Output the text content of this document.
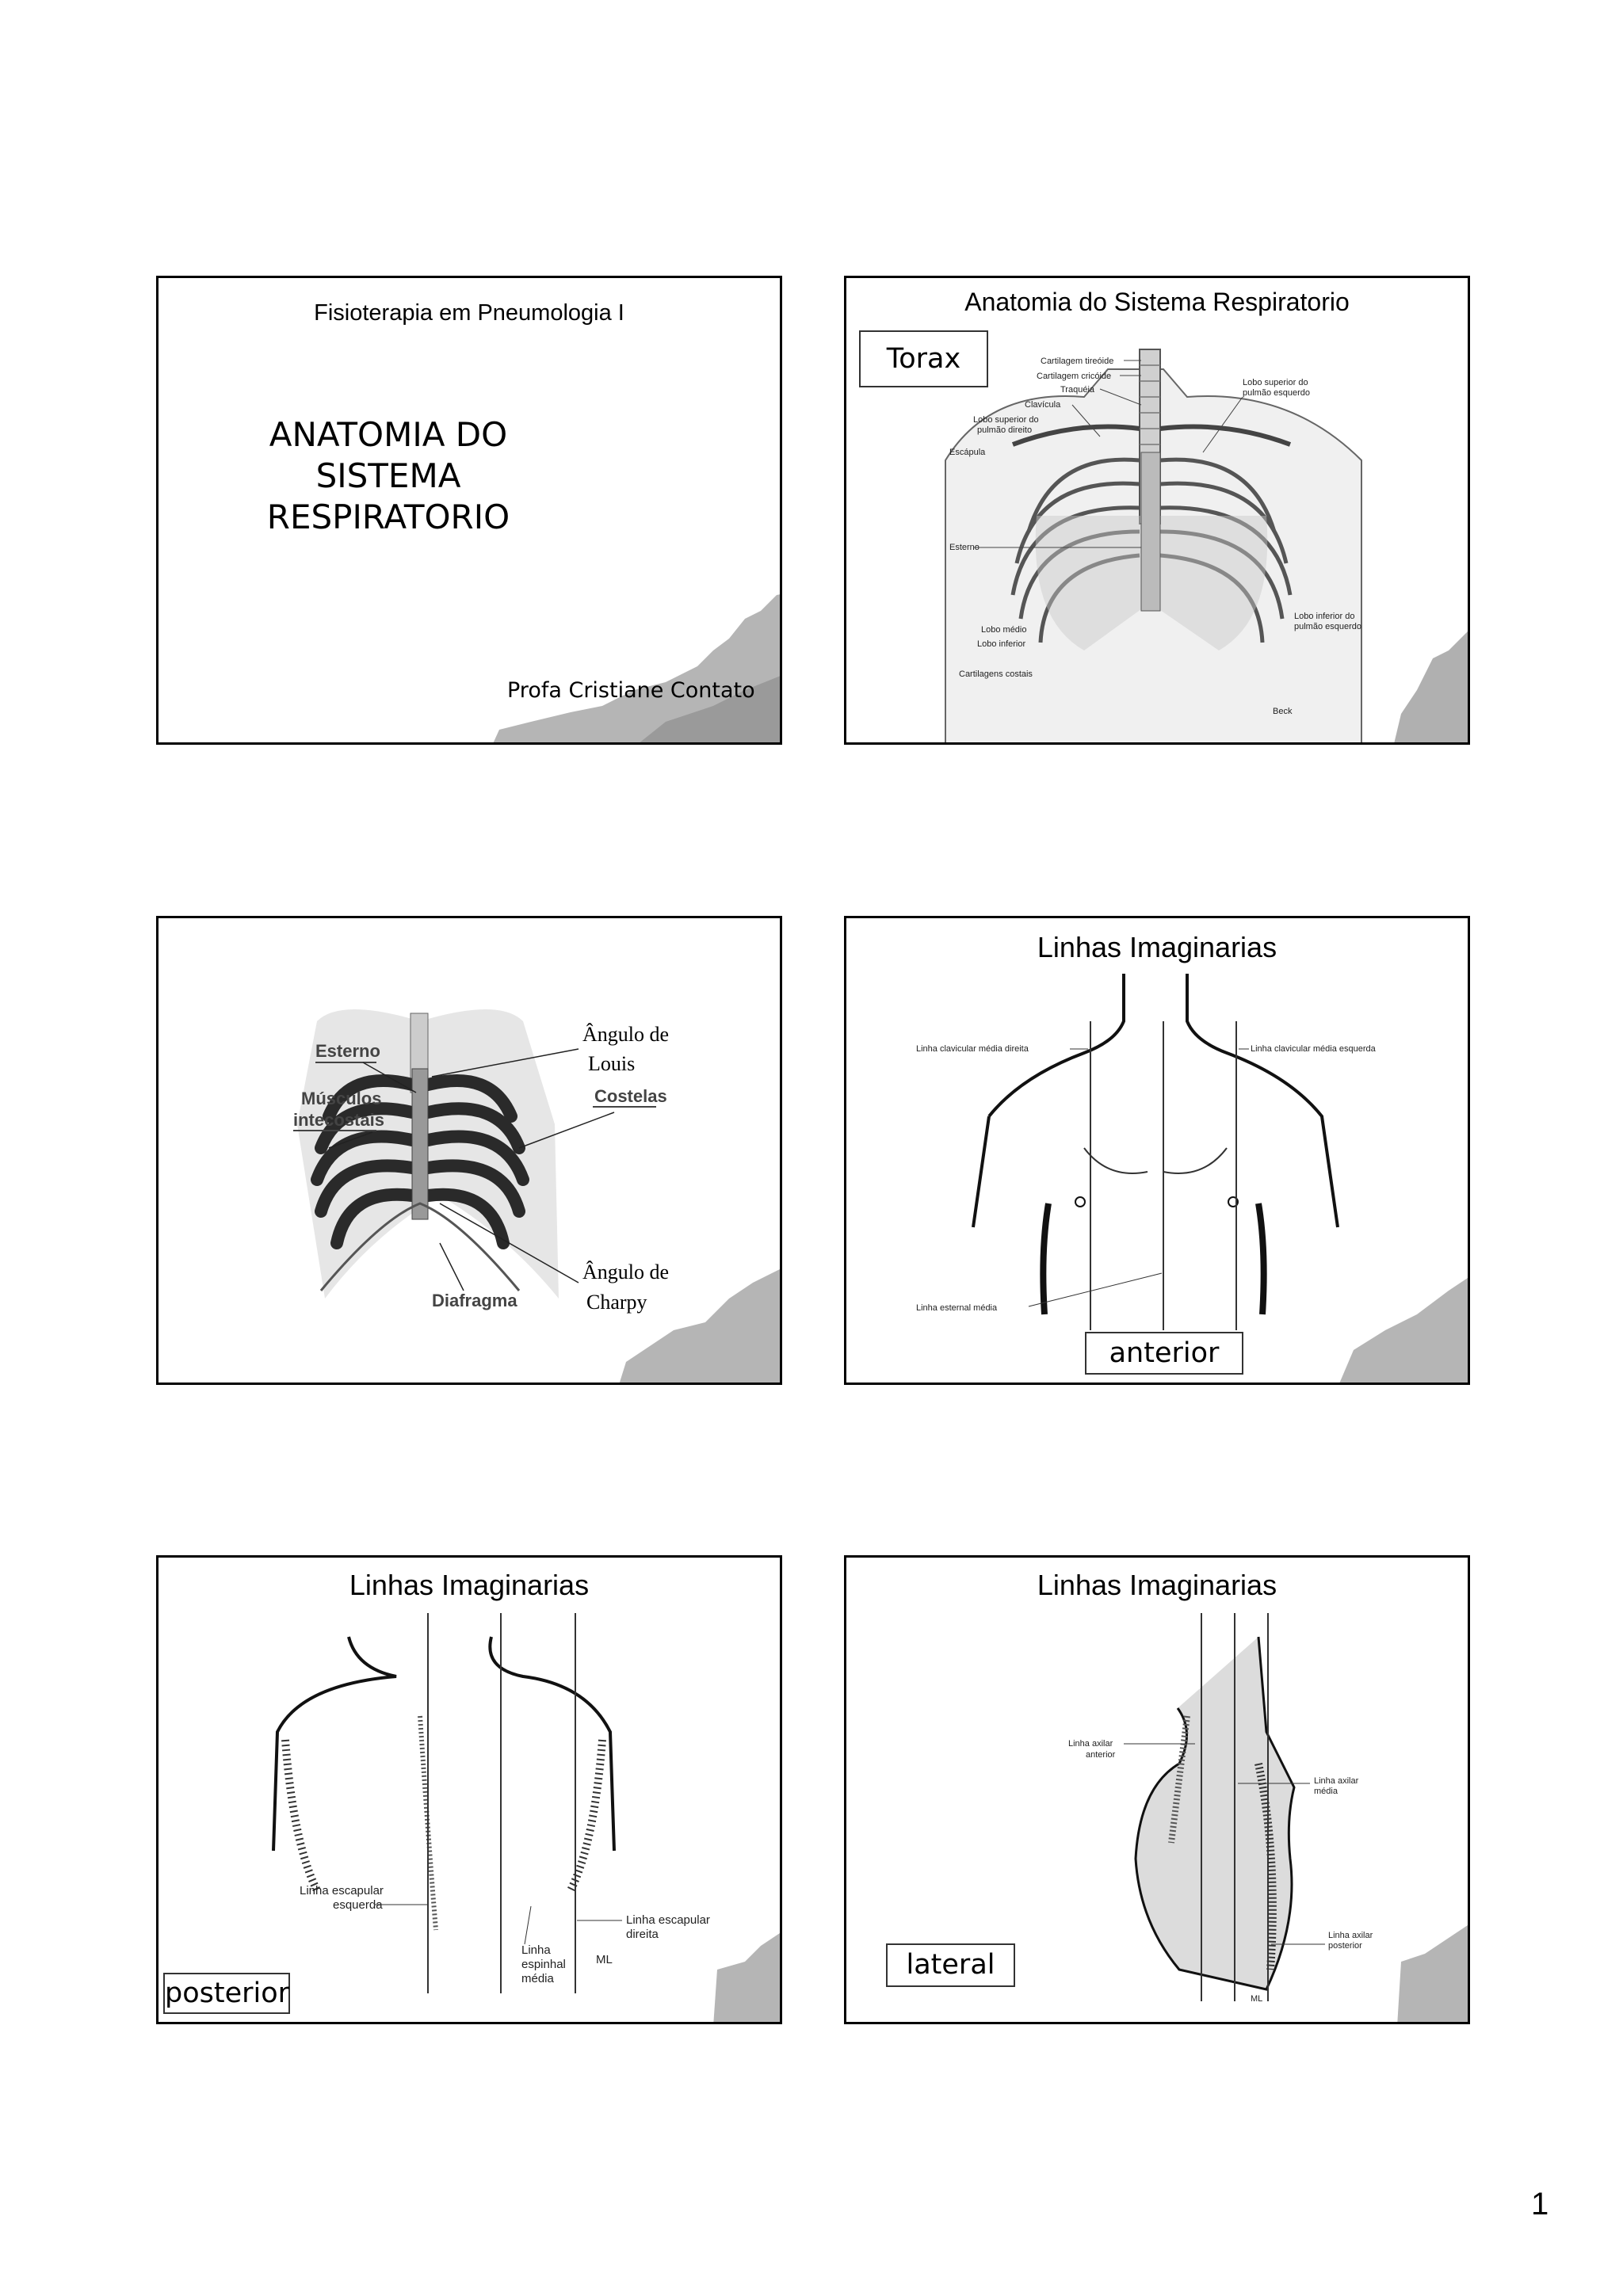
Fisioterapia em Pneumologia I
ANATOMIA DO
SISTEMA
RESPIRATORIO
Profa Cristiane Contato
Anatomia do Sistema Respiratorio
Cartilagem tireóide
Cartilagem cricóide
Traquéia
Clavícula
Lobo superior do
pulmão direito
Escápula
Esterno
Lobo superior do
pulmão esquerdo
Lobo inferior do
pulmão esquerdo
Lobo médio
Lobo inferior
Cartilagens costais
Beck
Torax
Esterno
Músculos
intecostais
Costelas
Ângulo de
Louis
Diafragma
Ângulo de
Charpy
Linhas Imaginarias
Linha clavicular média direita	Linha clavicular média esquerda
Linha esternal média
anterior
Linhas Imaginarias
Linha escapular
esquerda
Linha escapular
direita
Linha
espinhal
média
ML
posterior
Linhas Imaginarias
Linha axilar
anterior
Linha axilar
média
Linha axilar
posterior
ML
lateral
1
